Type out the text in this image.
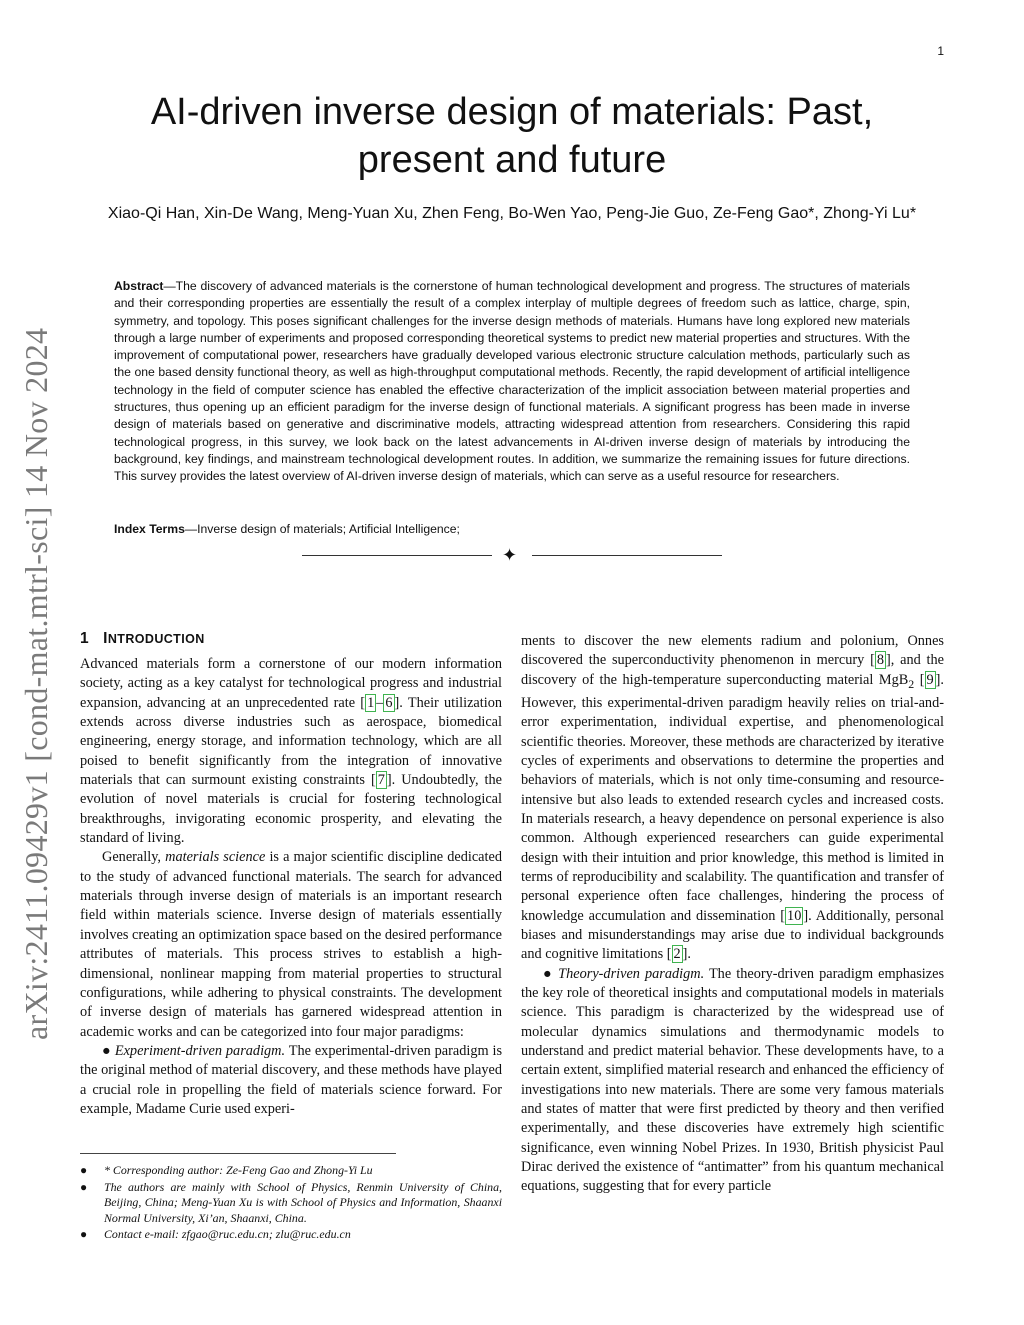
1
arXiv:2411.09429v1 [cond-mat.mtrl-sci] 14 Nov 2024
AI-driven inverse design of materials: Past, present and future
Xiao-Qi Han, Xin-De Wang, Meng-Yuan Xu, Zhen Feng, Bo-Wen Yao, Peng-Jie Guo, Ze-Feng Gao*, Zhong-Yi Lu*

Abstract—The discovery of advanced materials is the cornerstone of human technological development and progress. The structures of materials and their corresponding properties are essentially the result of a complex interplay of multiple degrees of freedom such as lattice, charge, spin, symmetry, and topology. This poses significant challenges for the inverse design methods of materials. Humans have long explored new materials through a large number of experiments and proposed corresponding theoretical systems to predict new material properties and structures. With the improvement of computational power, researchers have gradually developed various electronic structure calculation methods, particularly such as the one based density functional theory, as well as high-throughput computational methods. Recently, the rapid development of artificial intelligence technology in the field of computer science has enabled the effective characterization of the implicit association between material properties and structures, thus opening up an efficient paradigm for the inverse design of functional materials. A significant progress has been made in inverse design of materials based on generative and discriminative models, attracting widespread attention from researchers. Considering this rapid technological progress, in this survey, we look back on the latest advancements in AI-driven inverse design of materials by introducing the background, key findings, and mainstream technological development routes. In addition, we summarize the remaining issues for future directions. This survey provides the latest overview of AI-driven inverse design of materials, which can serve as a useful resource for researchers.

Index Terms—Inverse design of materials; Artificial Intelligence;
✦
1 INTRODUCTION

Advanced materials form a cornerstone of our modern information society, acting as a key catalyst for technological progress and industrial expansion, advancing at an unprecedented rate [ 1 – 6 ]. Their utilization extends across diverse industries such as aerospace, biomedical engineering, energy storage, and information technology, which are all poised to benefit significantly from the integration of innovative materials that can surmount existing constraints [ 7 ]. Undoubtedly, the evolution of novel materials is crucial for fostering technological breakthroughs, invigorating economic prosperity, and elevating the standard of living.

Generally, materials science is a major scientific discipline dedicated to the study of advanced functional materials. The search for advanced materials through inverse design of materials is an important research field within materials science. Inverse design of materials essentially involves creating an optimization space based on the desired performance attributes of materials. This process strives to establish a high-dimensional, nonlinear mapping from material properties to structural configurations, while adhering to physical constraints. The development of inverse design of materials has garnered widespread attention in academic works and can be categorized into four major paradigms:

● Experiment-driven paradigm. The experimental-driven paradigm is the original method of material discovery, and these methods have played a crucial role in propelling the field of materials science forward. For example, Madame Curie used experi-

● * Corresponding author: Ze-Feng Gao and Zhong-Yi Lu
● The authors are mainly with School of Physics, Renmin University of China, Beijing, China; Meng-Yuan Xu is with School of Physics and Information, Shaanxi Normal University, Xi’an, Shaanxi, China.
● Contact e-mail: zfgao@ruc.edu.cn; zlu@ruc.edu.cn

ments to discover the new elements radium and polonium, Onnes discovered the superconductivity phenomenon in mercury [ 8 ], and the discovery of the high-temperature superconducting material MgB$_2$ [ 9 ]. However, this experimental-driven paradigm heavily relies on trial-and-error experimentation, individual expertise, and phenomenological scientific theories. Moreover, these methods are characterized by iterative cycles of experiments and observations to determine the properties and behaviors of materials, which is not only time-consuming and resource-intensive but also leads to extended research cycles and increased costs. In materials research, a heavy dependence on personal experience is also common. Although experienced researchers can guide experimental design with their intuition and prior knowledge, this method is limited in terms of reproducibility and scalability. The quantification and transfer of personal experience often face challenges, hindering the process of knowledge accumulation and dissemination [ 10 ]. Additionally, personal biases and misunderstandings may arise due to individual backgrounds and cognitive limitations [ 2 ].

● Theory-driven paradigm. The theory-driven paradigm emphasizes the key role of theoretical insights and computational models in materials science. This paradigm is characterized by the widespread use of molecular dynamics simulations and thermodynamic models to understand and predict material behavior. These developments have, to a certain extent, simplified material research and enhanced the efficiency of investigations into new materials. There are some very famous materials and states of matter that were first predicted by theory and then verified experimentally, and these discoveries have extremely high scientific significance, even winning Nobel Prizes. In 1930, British physicist Paul Dirac derived the existence of “antimatter” from his quantum mechanical equations, suggesting that for every particle
